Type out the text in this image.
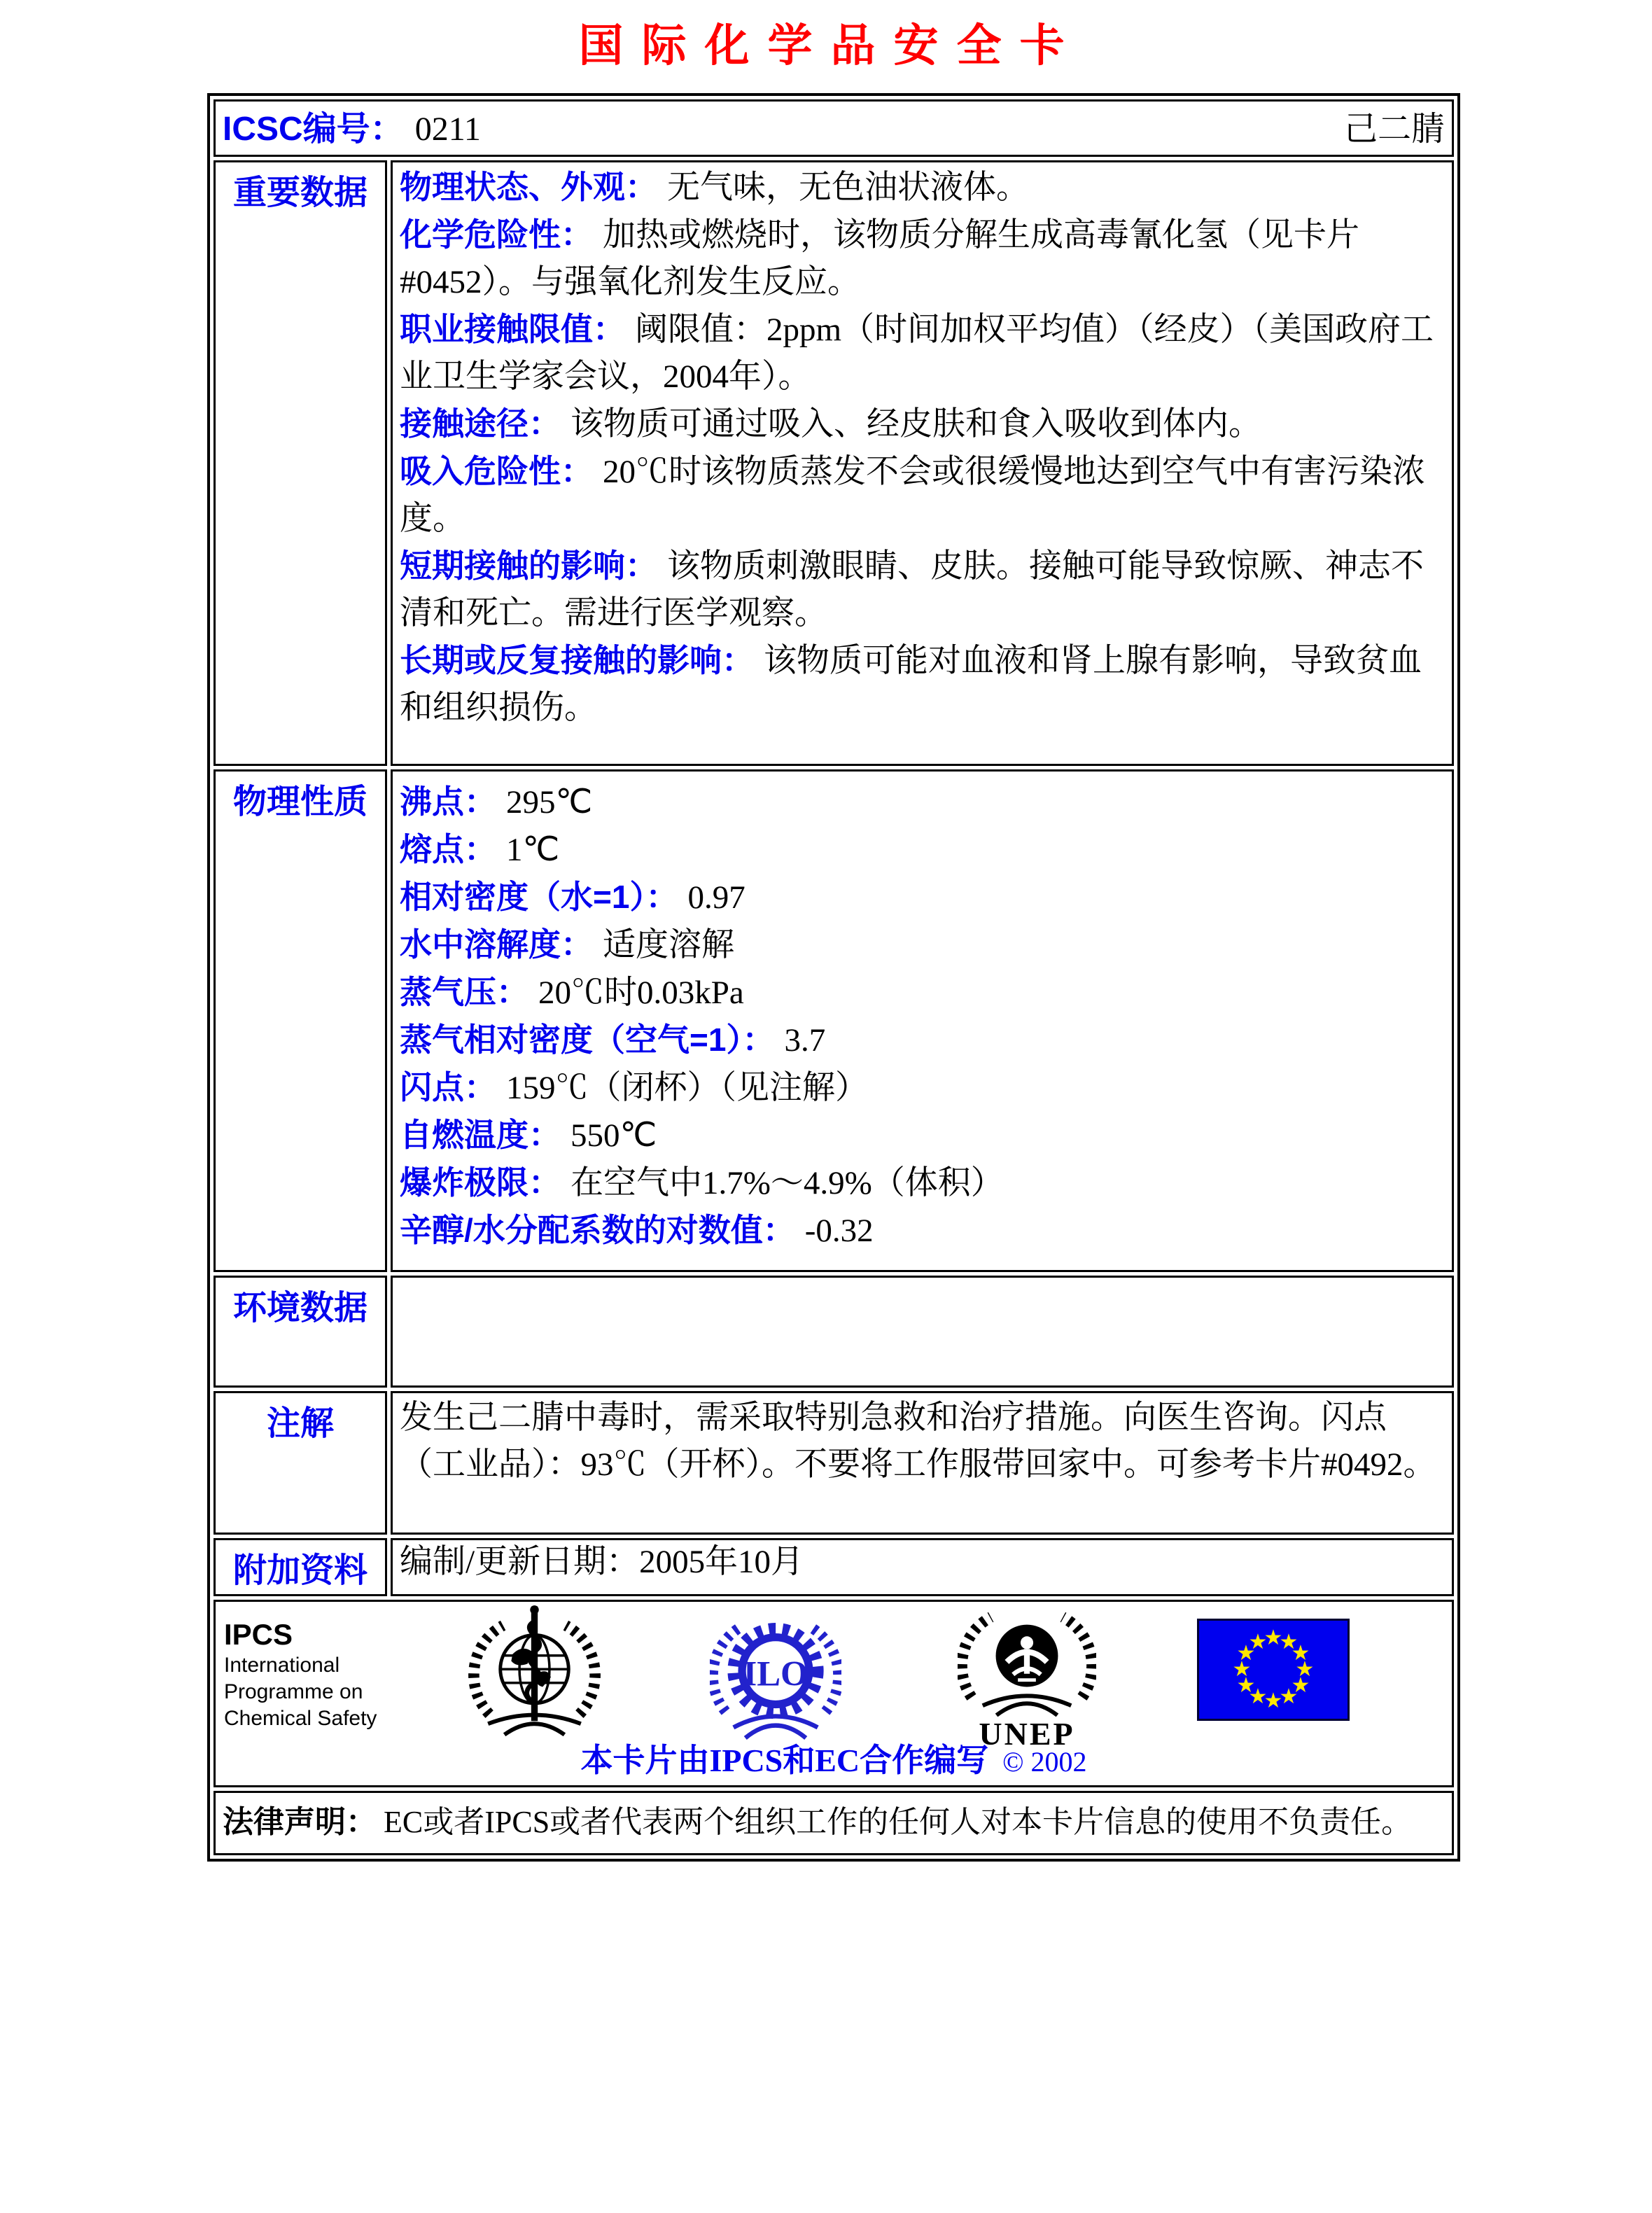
国际化学品安全卡
ICSC编号： 0211 己二腈	

重要数据	物理状态、外观： 无气味，无色油状液体。
化学危险性： 加热或燃烧时，该物质分解生成高毒氰化氢（见卡片#0452）。与强氧化剂发生反应。
职业接触限值： 阈限值：2ppm（时间加权平均值）（经皮）（美国政府工业卫生学家会议，2004年）。
接触途径： 该物质可通过吸入、经皮肤和食入吸收到体内。
吸入危险性： 20℃时该物质蒸发不会或很缓慢地达到空气中有害污染浓度。
短期接触的影响： 该物质刺激眼睛、皮肤。接触可能导致惊厥、神志不清和死亡。需进行医学观察。
长期或反复接触的影响： 该物质可能对血液和肾上腺有影响，导致贫血和组织损伤。

物理性质	沸点： 295℃
熔点： 1℃
相对密度（水=1）： 0.97
水中溶解度： 适度溶解
蒸气压： 20℃时0.03kPa
蒸气相对密度（空气=1）： 3.7
闪点： 159℃（闭杯）（见注解）
自燃温度： 550℃
爆炸极限： 在空气中1.7%～4.9%（体积）
辛醇/水分配系数的对数值： -0.32

环境数据	
注解	发生己二腈中毒时，需采取特别急救和治疗措施。向医生咨询。闪点（工业品）：93℃（开杯）。不要将工作服带回家中。可参考卡片#0492。
附加资料	编制/更新日期：2005年10月

IPCS
International
Programme on
Chemical Safety
ILO
UNEP
★
★
★
★
★
★
★
★
★
★
★
★
本卡片由IPCS和EC合作编写 © 2002

法律声明： EC或者IPCS或者代表两个组织工作的任何人对本卡片信息的使用不负责任。	
